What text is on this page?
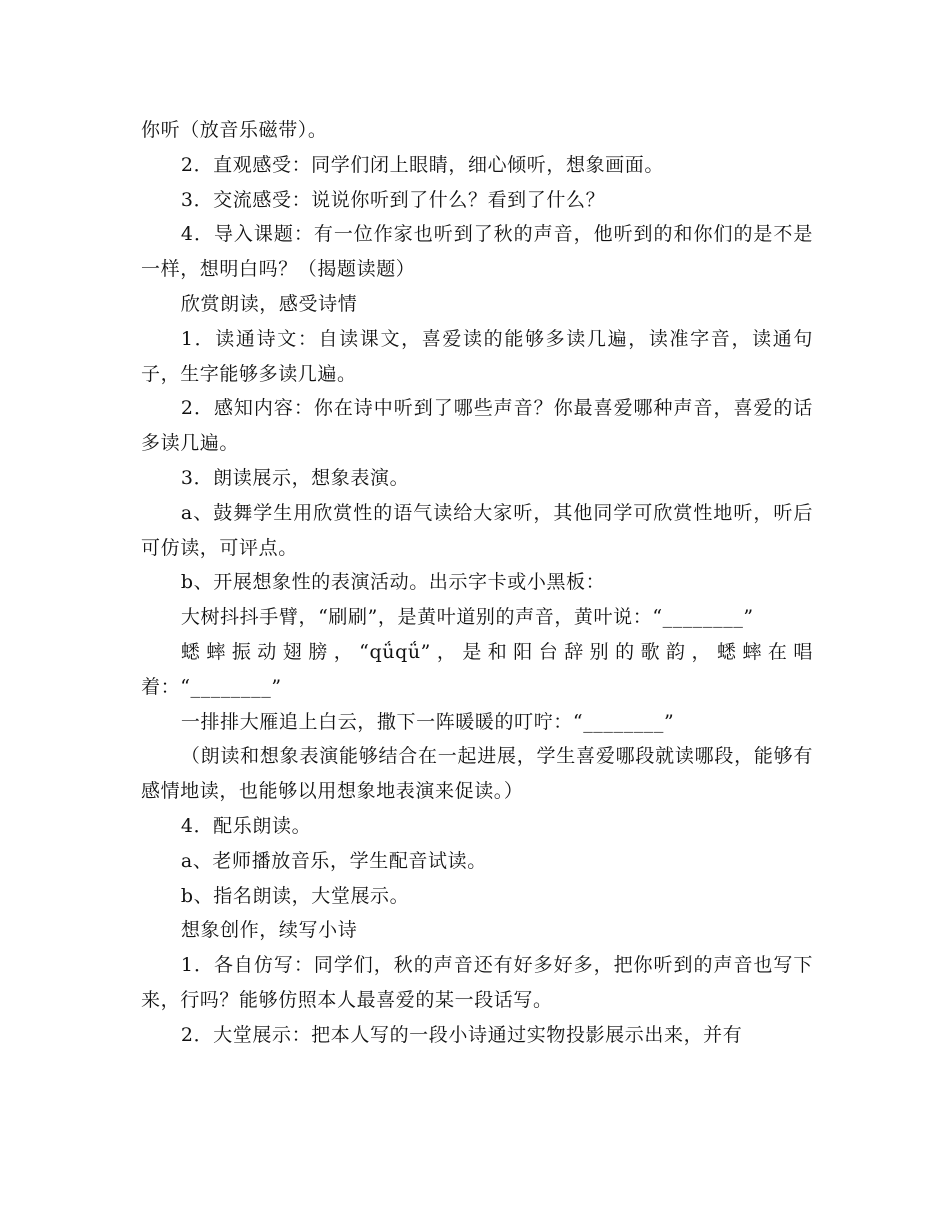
你听（放音乐磁带）。

2．直观感受：同学们闭上眼睛，细心倾听，想象画面。

3．交流感受：说说你听到了什么？看到了什么？

4．导入课题：有一位作家也听到了秋的声音，他听到的和你们的是不是一样，想明白吗？（揭题读题）

欣赏朗读，感受诗情

1．读通诗文：自读课文，喜爱读的能够多读几遍，读准字音，读通句子，生字能够多读几遍。

2．感知内容：你在诗中听到了哪些声音？你最喜爱哪种声音，喜爱的话多读几遍。

3．朗读展示，想象表演。

a、鼓舞学生用欣赏性的语气读给大家听，其他同学可欣赏性地听，听后可仿读，可评点。

b、开展想象性的表演活动。出示字卡或小黑板：

大树抖抖手臂，“刷刷”，是黄叶道别的声音，黄叶说：“________”

蟋蟀振动翅膀，“qǘqǘ”，是和阳台辞别的歌韵，蟋蟀在唱着：“________”

一排排大雁追上白云，撒下一阵暖暖的叮咛：“________”

（朗读和想象表演能够结合在一起进展，学生喜爱哪段就读哪段，能够有感情地读，也能够以用想象地表演来促读。）

4．配乐朗读。

a、老师播放音乐，学生配音试读。

b、指名朗读，大堂展示。

想象创作，续写小诗

1．各自仿写：同学们，秋的声音还有好多好多，把你听到的声音也写下来，行吗？能够仿照本人最喜爱的某一段话写。

2．大堂展示：把本人写的一段小诗通过实物投影展示出来，并有
